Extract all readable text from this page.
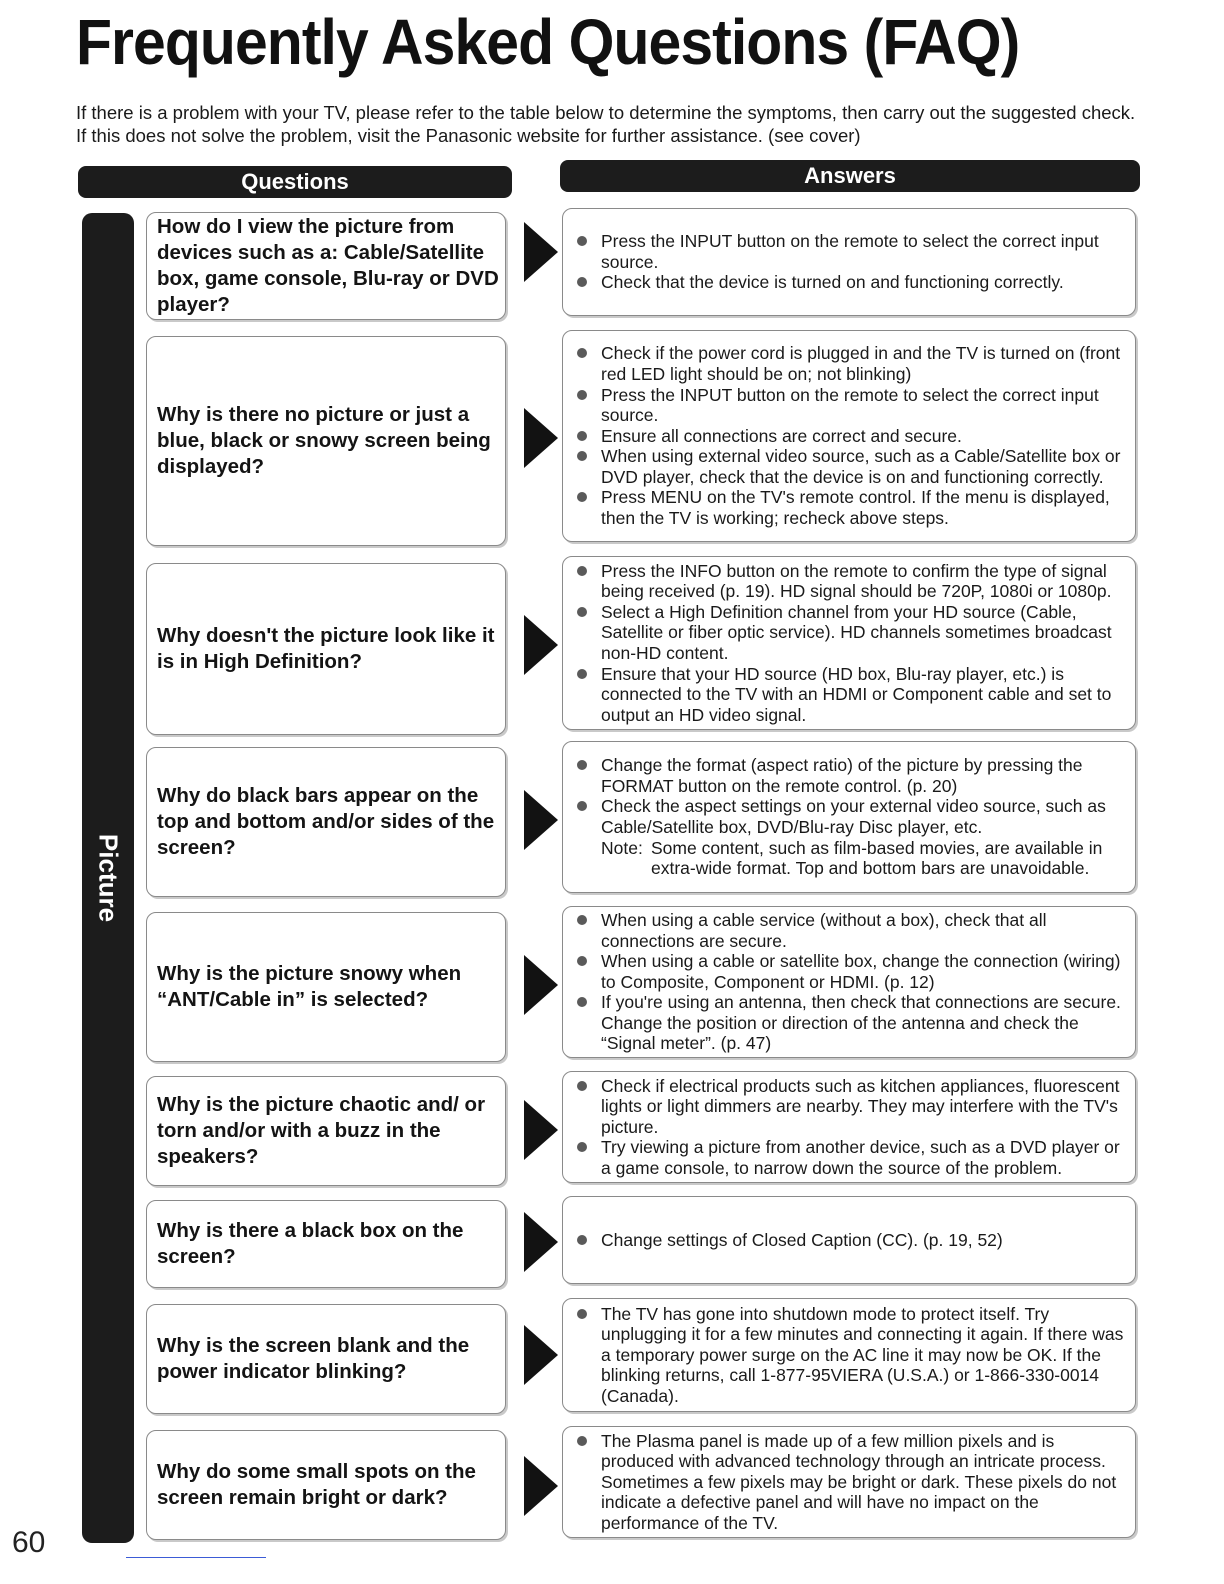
Frequently Asked Questions (FAQ)
If there is a problem with your TV, please refer to the table below to determine the symptoms, then carry out the suggested check. If this does not solve the problem, visit the Panasonic website for further assistance. (see cover)
Questions	Answers
Picture
How do I view the picture from devices such as a: Cable/Satellite box, game console, Blu-ray or DVD player?
Press the INPUT button on the remote to select the correct input source.
Check that the device is turned on and functioning correctly.
Why is there no picture or just a blue, black or snowy screen being displayed?
Check if the power cord is plugged in and the TV is turned on (front red LED light should be on; not blinking)
Press the INPUT button on the remote to select the correct input source.
Ensure all connections are correct and secure.
When using external video source, such as a Cable/Satellite box or DVD player, check that the device is on and functioning correctly.
Press MENU on the TV's remote control. If the menu is displayed, then the TV is working; recheck above steps.
Why doesn't the picture look like it is in High Definition?
Press the INFO button on the remote to confirm the type of signal being received (p. 19). HD signal should be 720P, 1080i or 1080p.
Select a High Definition channel from your HD source (Cable, Satellite or fiber optic service). HD channels sometimes broadcast non-HD content.
Ensure that your HD source (HD box, Blu-ray player, etc.) is connected to the TV with an HDMI or Component cable and set to output an HD video signal.
Why do black bars appear on the top and bottom and/or sides of the screen?
Change the format (aspect ratio) of the picture by pressing the FORMAT button on the remote control. (p. 20)
Check the aspect settings on your external video source, such as Cable/Satellite box, DVD/Blu-ray Disc player, etc.
Note: Some content, such as film-based movies, are available in extra-wide format. Top and bottom bars are unavoidable.
Why is the picture snowy when “ANT/Cable in” is selected?
When using a cable service (without a box), check that all connections are secure.
When using a cable or satellite box, change the connection (wiring) to Composite, Component or HDMI. (p. 12)
If you're using an antenna, then check that connections are secure. Change the position or direction of the antenna and check the “Signal meter”. (p. 47)
Why is the picture chaotic and/ or torn and/or with a buzz in the speakers?
Check if electrical products such as kitchen appliances, fluorescent lights or light dimmers are nearby. They may interfere with the TV's picture.
Try viewing a picture from another device, such as a DVD player or a game console, to narrow down the source of the problem.
Why is there a black box on the screen?
Change settings of Closed Caption (CC). (p. 19, 52)
Why is the screen blank and the power indicator blinking?
The TV has gone into shutdown mode to protect itself. Try unplugging it for a few minutes and connecting it again. If there was a temporary power surge on the AC line it may now be OK. If the blinking returns, call 1-877-95VIERA (U.S.A.) or 1-866-330-0014 (Canada).
Why do some small spots on the screen remain bright or dark?
The Plasma panel is made up of a few million pixels and is produced with advanced technology through an intricate process. Sometimes a few pixels may be bright or dark. These pixels do not indicate a defective panel and will have no impact on the performance of the TV.
60
